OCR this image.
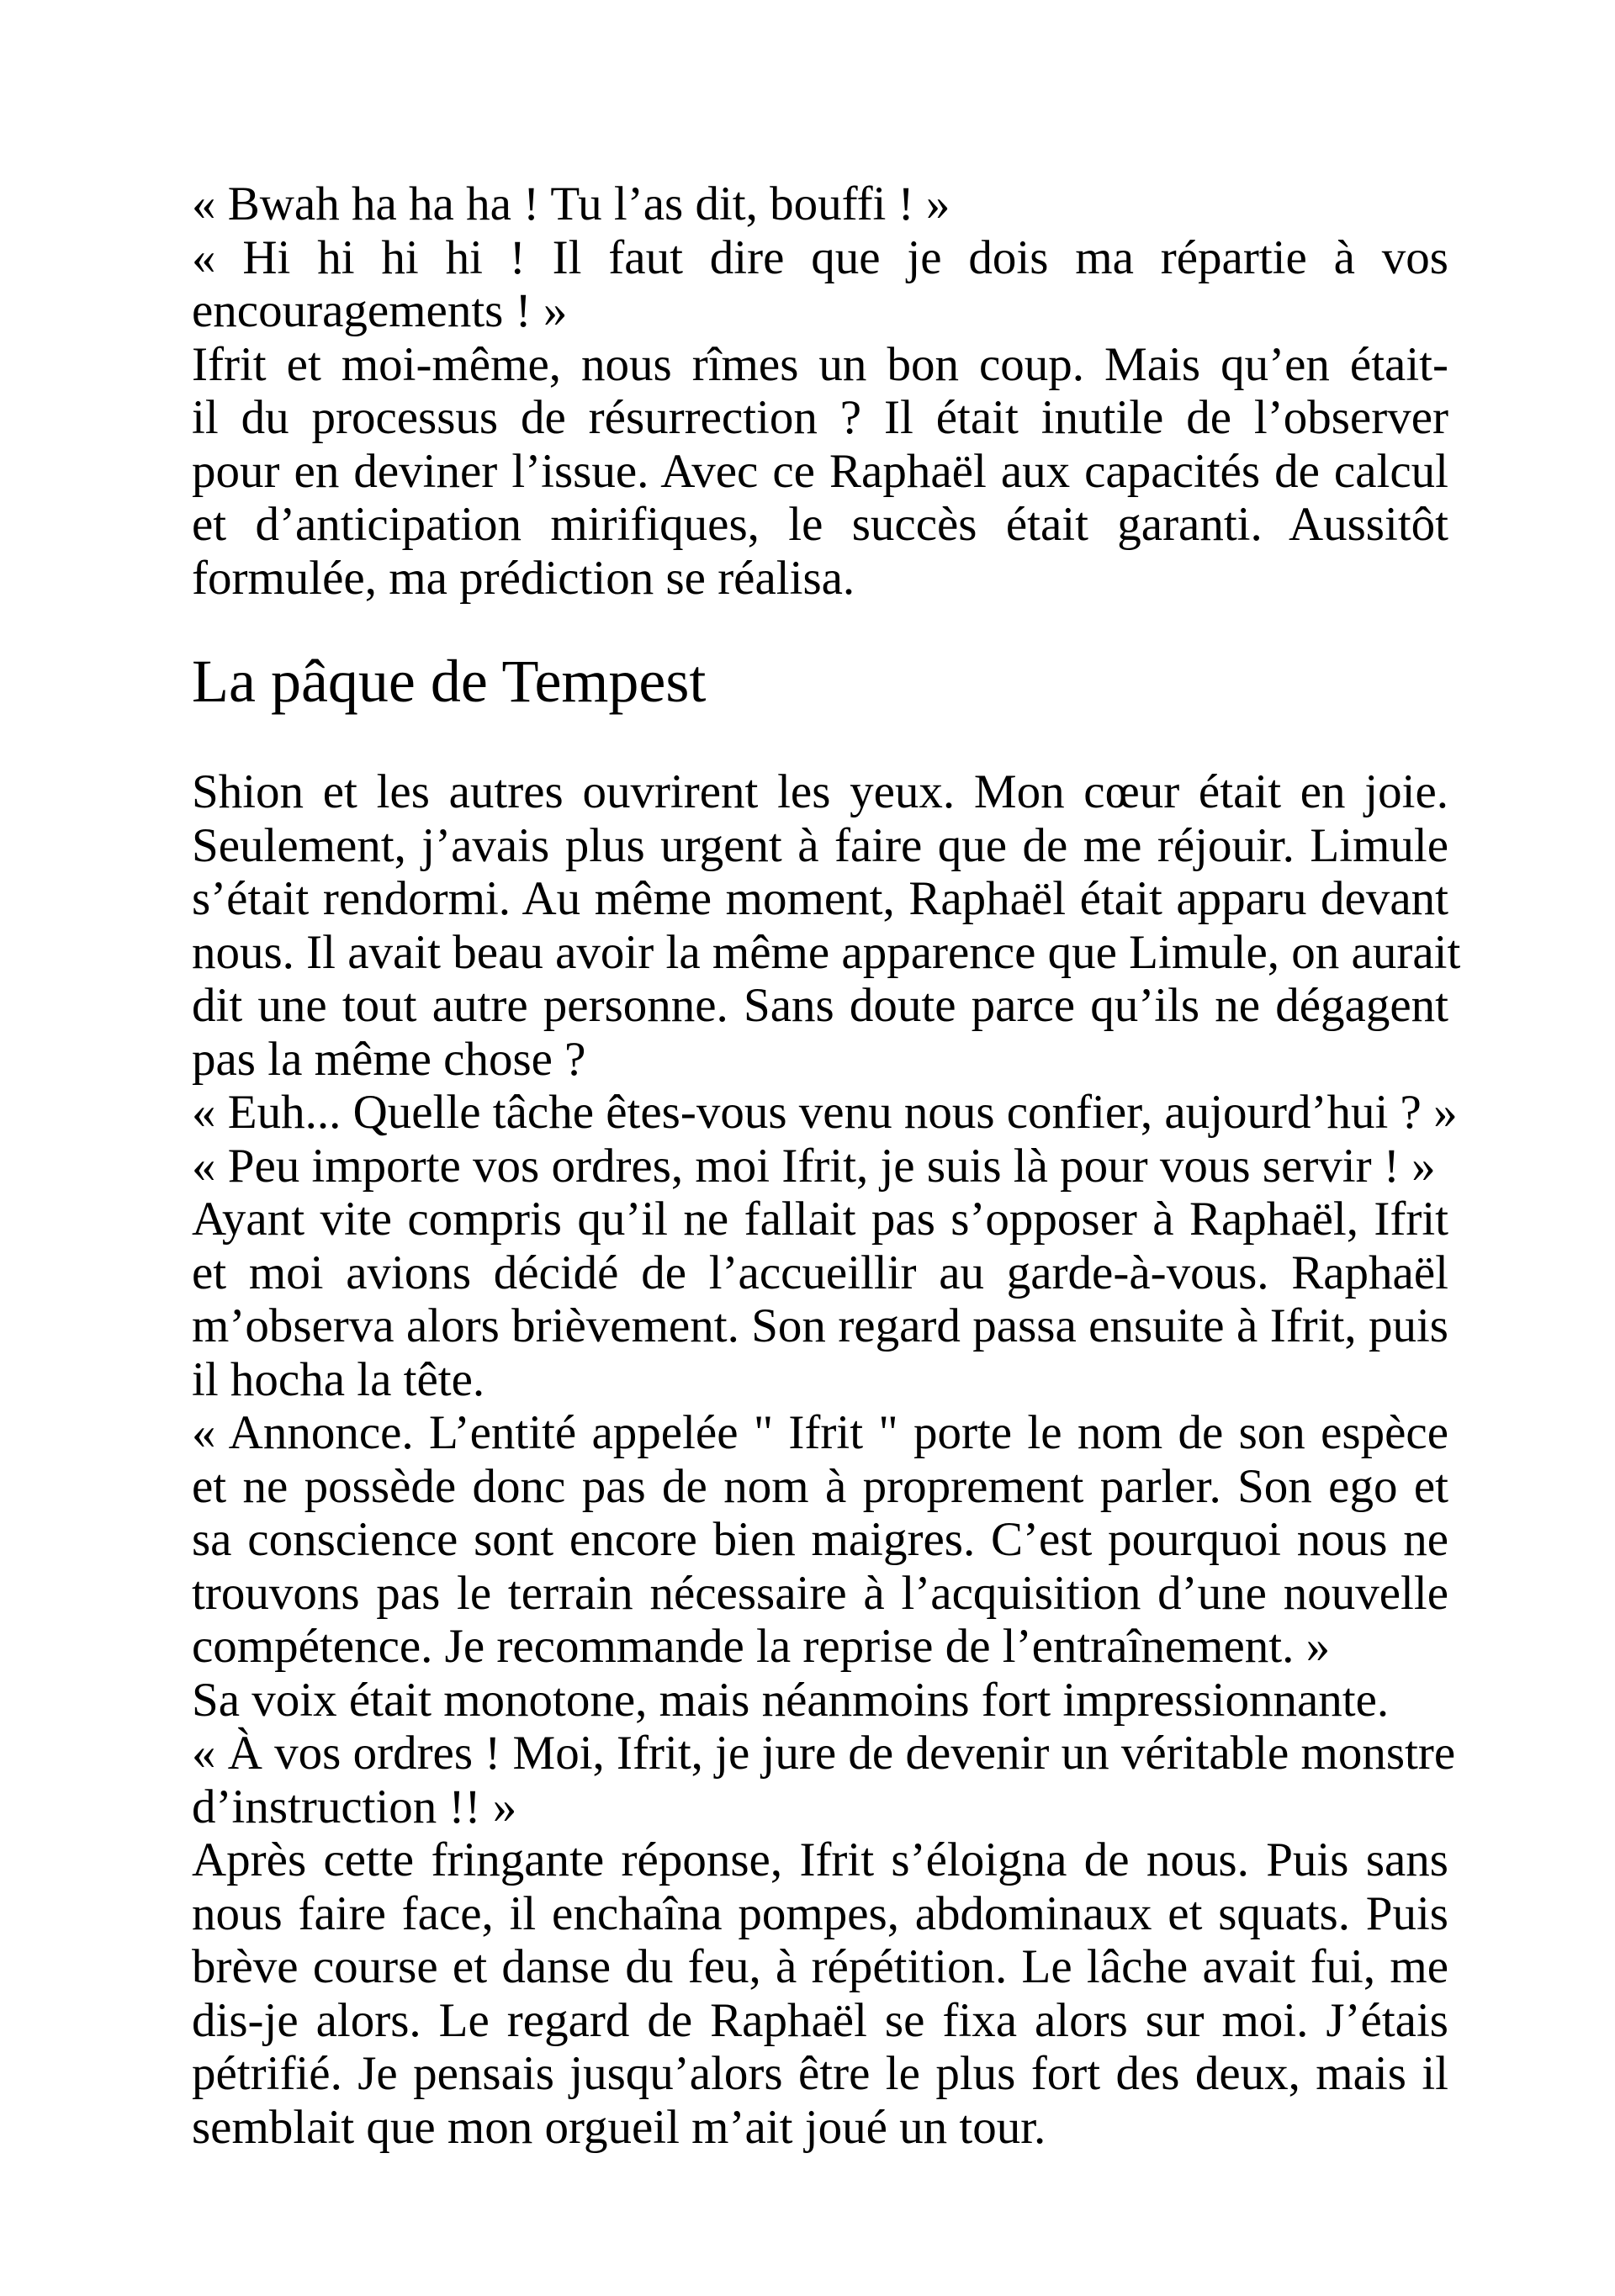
« Bwah ha ha ha ! Tu l’as dit, bouffi ! »

« Hi hi hi hi ! Il faut dire que je dois ma répartie à vos
encouragements ! »

Ifrit et moi-même, nous rîmes un bon coup. Mais qu’en était-
il du processus de résurrection ? Il était inutile de l’observer
pour en deviner l’issue. Avec ce Raphaël aux capacités de calcul
et d’anticipation mirifiques, le succès était garanti. Aussitôt
formulée, ma prédiction se réalisa.

La pâque de Tempest

Shion et les autres ouvrirent les yeux. Mon cœur était en joie.
Seulement, j’avais plus urgent à faire que de me réjouir. Limule
s’était rendormi. Au même moment, Raphaël était apparu devant
nous. Il avait beau avoir la même apparence que Limule, on aurait
dit une tout autre personne. Sans doute parce qu’ils ne dégagent
pas la même chose ?

« Euh... Quelle tâche êtes-vous venu nous confier, aujourd’hui ? »

« Peu importe vos ordres, moi Ifrit, je suis là pour vous servir ! »

Ayant vite compris qu’il ne fallait pas s’opposer à Raphaël, Ifrit
et moi avions décidé de l’accueillir au garde-à-vous. Raphaël
m’observa alors brièvement. Son regard passa ensuite à Ifrit, puis
il hocha la tête.

« Annonce. L’entité appelée " Ifrit " porte le nom de son espèce
et ne possède donc pas de nom à proprement parler. Son ego et
sa conscience sont encore bien maigres. C’est pourquoi nous ne
trouvons pas le terrain nécessaire à l’acquisition d’une nouvelle
compétence. Je recommande la reprise de l’entraînement. »

Sa voix était monotone, mais néanmoins fort impressionnante.

« À vos ordres ! Moi, Ifrit, je jure de devenir un véritable monstre
d’instruction !! »

Après cette fringante réponse, Ifrit s’éloigna de nous. Puis sans
nous faire face, il enchaîna pompes, abdominaux et squats. Puis
brève course et danse du feu, à répétition. Le lâche avait fui, me
dis-je alors. Le regard de Raphaël se fixa alors sur moi. J’étais
pétrifié. Je pensais jusqu’alors être le plus fort des deux, mais il
semblait que mon orgueil m’ait joué un tour.
